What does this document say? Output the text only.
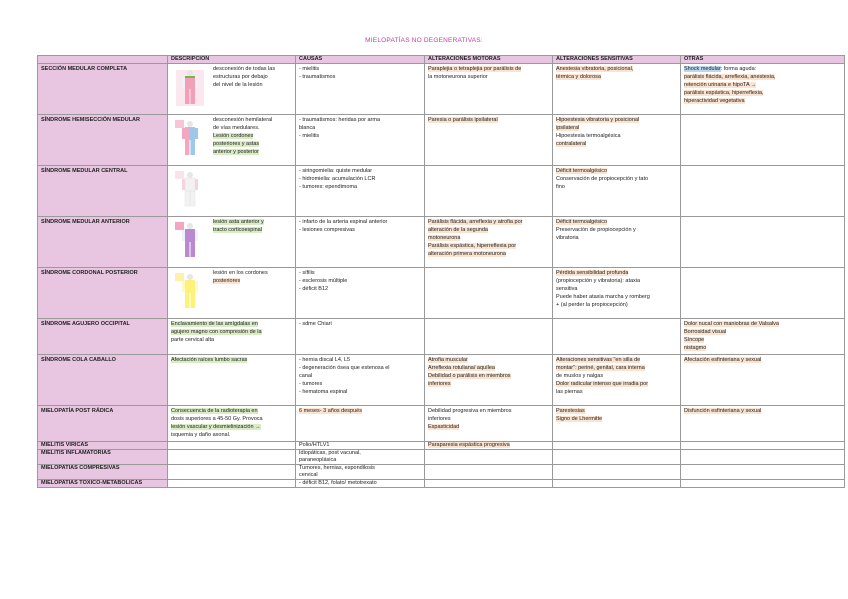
MIELOPATÍAS NO DEGENERATIVAS:
	DESCRIPCIÓN	CAUSAS	ALTERACIONES MOTORAS	ALTERACIONES SENSITIVAS	OTRAS
SECCIÓN MEDULAR COMPLETA	desconexión de todas las
estructuras por debajo
del nivel de la lesión	- mielitis
- traumatismos	Paraplejia o tetraplejia por parálisis de
la motoneurona superior	Anestesia vibratoria, posicional,
térmica y dolorosa	Shock medular: forma aguda:
parálisis flácida, arreflexia, anestesia,
retención urinaria e hipoTA →
parálisis espástica, hiperreflexia,
hiperactividad vegetativa

SÍNDROME HEMISECCIÓN MEDULAR	desconexión hemilateral
de vías medulares.
Lesión cordones
posteriores y astas
anterior y posterior	- traumatismos: heridas por arma
blanca
- mielitis	Paresia o parálisis ipsilateral	Hipoestesia vibratoria y posicional
ipsilateral
Hipoestesia termoalgésica
contralateral	

SÍNDROME MEDULAR CENTRAL		- siringomielia: quiste medular
- hidromielia: acumulación LCR
- tumores: ependimoma		Déficit termoalgésico
Conservación de propiocepción y tato
fino	

SÍNDROME MEDULAR ANTERIOR	lesión asta anterior y
tracto corticoespinal	- infarto de la arteria espinal anterior
- lesiones compresivas	Parálisis flácida, arreflexia y atrofia por
alteración de la segunda
motoneurona
Parálisis espástica, hiperreflexia por
alteración primera motoneurona	Déficit termoalgésico
Preservación de propiocepción y
vibratoria	

SÍNDROME CORDONAL POSTERIOR	lesión en los cordones
posteriores	- sífilis
- esclerosis múltiple
- déficit B12		Pérdida sensibilidad profunda
(propiocepción y vibratoria): ataxia
sensitiva
Puede haber ataxia marcha y romberg
+ (al perder la propiocepción)	

SÍNDROME AGUJERO OCCIPITAL	Enclavamiento de las amígdalas en
agujero magno con compresión de la
parte cervical alta	- sdme Chiari			Dolor nucal con maniobras de Valsalva
Borrosidad visual
Síncope
nistagmo

SÍNDROME COLA CABALLO	Afectación raíces lumbo sacras	- hernia discal L4, L5
- degeneración ósea que estenosa el
canal
- tumores
- hematoma espinal	Atrofia muscular
Arreflexia rotuliana/ aquílea
Debilidad o parálisis en miembros
inferiores	Alteraciones sensitivas "en silla de
montar": periné, genital, cara interna
de muslos y nalgas
Dolor radicular intenso que irradia por
las piernas	Afectación esfinteriana y sexual

MIELOPATÍA POST RÁDICA	Consecuencia de la radioterapia en
dosis superiores a 45-50 Gy. Provoca
lesión vascular y desmielinización →
isquemia y daño axonal.	6 meses- 3 años después	Debilidad progresiva en miembros
inferiores
Espasticidad	Parestesias
Signo de Lhermitte	Disfunción esfinteriana y sexual

MIELITIS VÍRICAS		Polio/HTLV1	Paraparesia espástica progresiva		

MIELITIS INFLAMATORIAS		Idiopáticas, post vacunal,
paraneoplásica			

MIELOPATÍAS COMPRESIVAS		Tumores, hernias, espondilosis
cervical			

MIELOPATÍAS TÓXICO-METABÓLICAS		- déficit B12, folato/ metotrexato			
